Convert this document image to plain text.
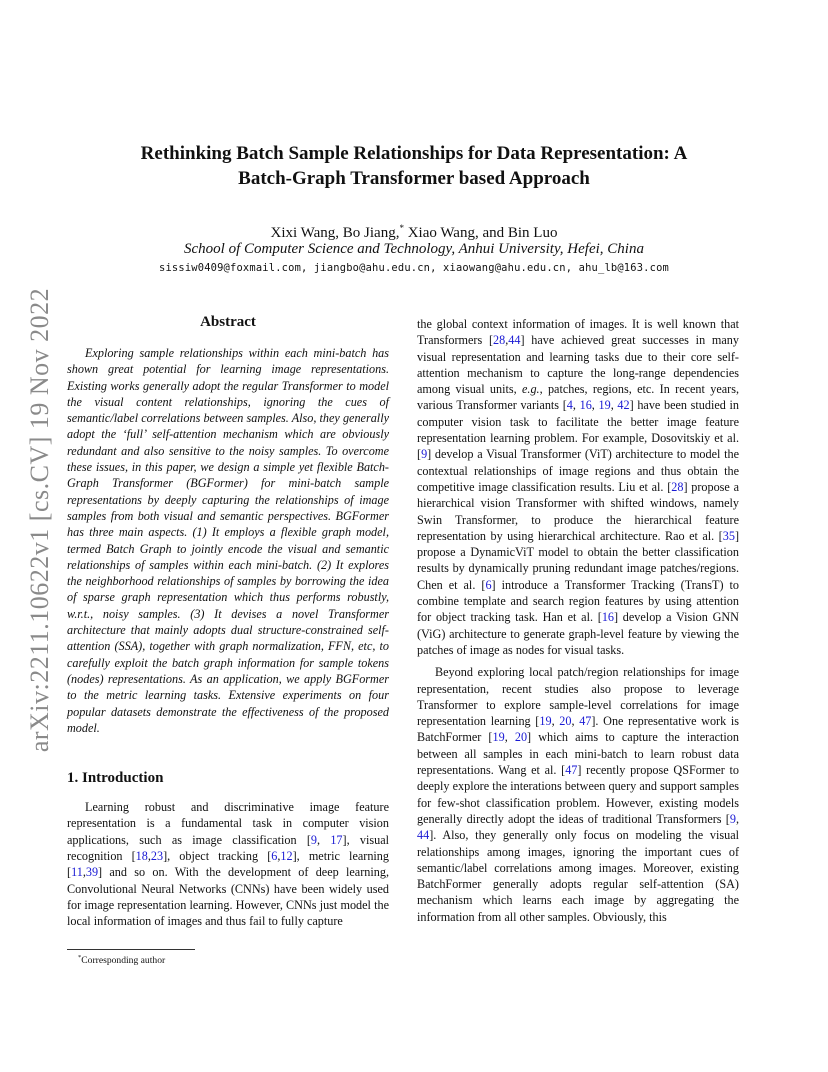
arXiv:2211.10622v1 [cs.CV] 19 Nov 2022
Rethinking Batch Sample Relationships for Data Representation: A
Batch-Graph Transformer based Approach
Xixi Wang, Bo Jiang,* Xiao Wang, and Bin Luo
School of Computer Science and Technology, Anhui University, Hefei, China
sissiw0409@foxmail.com, jiangbo@ahu.edu.cn, xiaowang@ahu.edu.cn, ahu_lb@163.com
Abstract

Exploring sample relationships within each mini-batch has shown great potential for learning image representations. Existing works generally adopt the regular Transformer to model the visual content relationships, ignoring the cues of semantic/label correlations between samples. Also, they generally adopt the ‘full’ self-attention mechanism which are obviously redundant and also sensitive to the noisy samples. To overcome these issues, in this paper, we design a simple yet flexible Batch-Graph Transformer (BGFormer) for mini-batch sample representations by deeply capturing the relationships of image samples from both visual and semantic perspectives. BGFormer has three main aspects. (1) It employs a flexible graph model, termed Batch Graph to jointly encode the visual and semantic relationships of samples within each mini-batch. (2) It explores the neighborhood relationships of samples by borrowing the idea of sparse graph representation which thus performs robustly, w.r.t., noisy samples. (3) It devises a novel Transformer architecture that mainly adopts dual structure-constrained self-attention (SSA), together with graph normalization, FFN, etc, to carefully exploit the batch graph information for sample tokens (nodes) representations. As an application, we apply BGFormer to the metric learning tasks. Extensive experiments on four popular datasets demonstrate the effectiveness of the proposed model.

1. Introduction

Learning robust and discriminative image feature representation is a fundamental task in computer vision applications, such as image classification [9, 17], visual recognition [18,23], object tracking [6,12], metric learning [11,39] and so on. With the development of deep learning, Convolutional Neural Networks (CNNs) have been widely used for image representation learning. However, CNNs just model the local information of images and thus fail to fully capture

the global context information of images. It is well known that Transformers [28,44] have achieved great successes in many visual representation and learning tasks due to their core self-attention mechanism to capture the long-range dependencies among visual units, e.g., patches, regions, etc. In recent years, various Transformer variants [4, 16, 19, 42] have been studied in computer vision task to facilitate the better image feature representation learning problem. For example, Dosovitskiy et al. [9] develop a Visual Transformer (ViT) architecture to model the contextual relationships of image regions and thus obtain the competitive image classification results. Liu et al. [28] propose a hierarchical vision Transformer with shifted windows, namely Swin Transformer, to produce the hierarchical feature representation by using hierarchical architecture. Rao et al. [35] propose a DynamicViT model to obtain the better classification results by dynamically pruning redundant image patches/regions. Chen et al. [6] introduce a Transformer Tracking (TransT) to combine template and search region features by using attention for object tracking task. Han et al. [16] develop a Vision GNN (ViG) architecture to generate graph-level feature by viewing the patches of image as nodes for visual tasks.

Beyond exploring local patch/region relationships for image representation, recent studies also propose to leverage Transformer to explore sample-level correlations for image representation learning [19, 20, 47]. One representative work is BatchFormer [19, 20] which aims to capture the interaction between all samples in each mini-batch to learn robust data representations. Wang et al. [47] recently propose QSFormer to deeply explore the interations between query and support samples for few-shot classification problem. However, existing models generally directly adopt the ideas of traditional Transformers [9, 44]. Also, they generally only focus on modeling the visual relationships among images, ignoring the important cues of semantic/label correlations among images. Moreover, existing BatchFormer generally adopts regular self-attention (SA) mechanism which learns each image by aggregating the information from all other samples. Obviously, this

*Corresponding author
